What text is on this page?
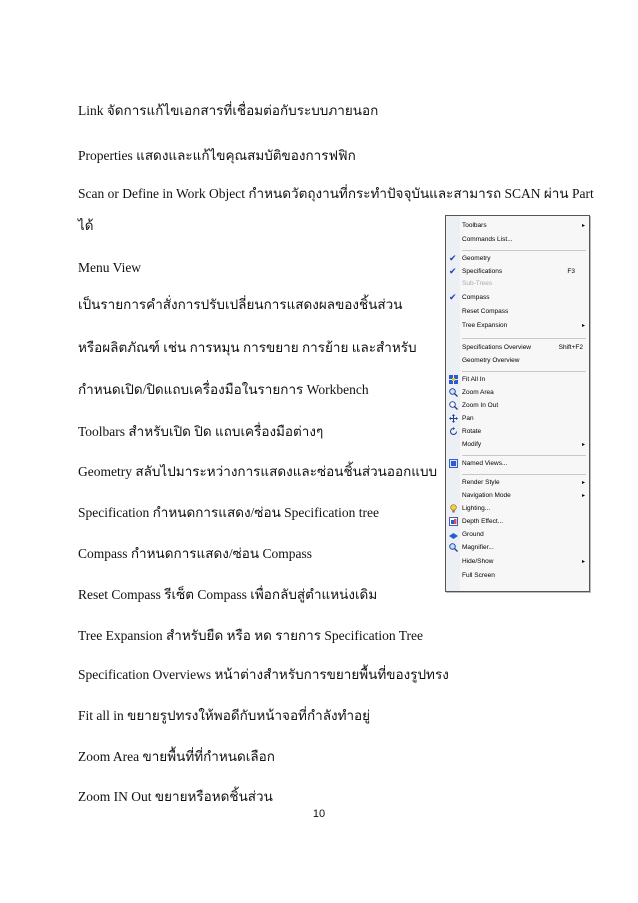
Link จัดการแก้ไขเอกสารที่เชื่อมต่อกับระบบภายนอก
Properties แสดงและแก้ไขคุณสมบัติของการฟฟิก
Scan or Define in Work Object กำหนดวัตถุงานที่กระทำปัจจุบันและสามารถ SCAN ผ่าน Part
ได้
Menu View
เป็นรายการคำสั่งการปรับเปลี่ยนการแสดงผลของชิ้นส่วน
หรือผลิตภัณฑ์ เช่น การหมุน การขยาย การย้าย และสำหรับ
กำหนดเปิด/ปิดแถบเครื่องมือในรายการ Workbench
Toolbars สำหรับเปิด ปิด แถบเครื่องมือต่างๆ
Geometry สลับไปมาระหว่างการแสดงและซ่อนชิ้นส่วนออกแบบ
Specification กำหนดการแสดง/ซ่อน Specification tree
Compass กำหนดการแสดง/ซ่อน Compass
Reset Compass รีเซ็ต Compass เพื่อกลับสู่ตำแหน่งเดิม
Tree Expansion สำหรับยืด หรือ หด รายการ Specification Tree
Specification Overviews หน้าต่างสำหรับการขยายพื้นที่ของรูปทรง
Fit all in ขยายรูปทรงให้พอดีกับหน้าจอที่กำลังทำอยู่
Zoom Area ขายพื้นที่ที่กำหนดเลือก
Zoom IN Out ขยายหรือหดชิ้นส่วน
10
Toolbars	▸
Commands List...
✔ Geometry
✔ Specifications	F3
Sub-Trees
✔ Compass
Reset Compass
Tree Expansion	▸
Specifications Overview	Shift+F2
Geometry Overview
Fit All In
Zoom Area
Zoom In Out
Pan
Rotate
Modify	▸
Named Views...
Render Style	▸
Navigation Mode	▸
Lighting...
Depth Effect...
Ground
Magnifier...
Hide/Show	▸
Full Screen
